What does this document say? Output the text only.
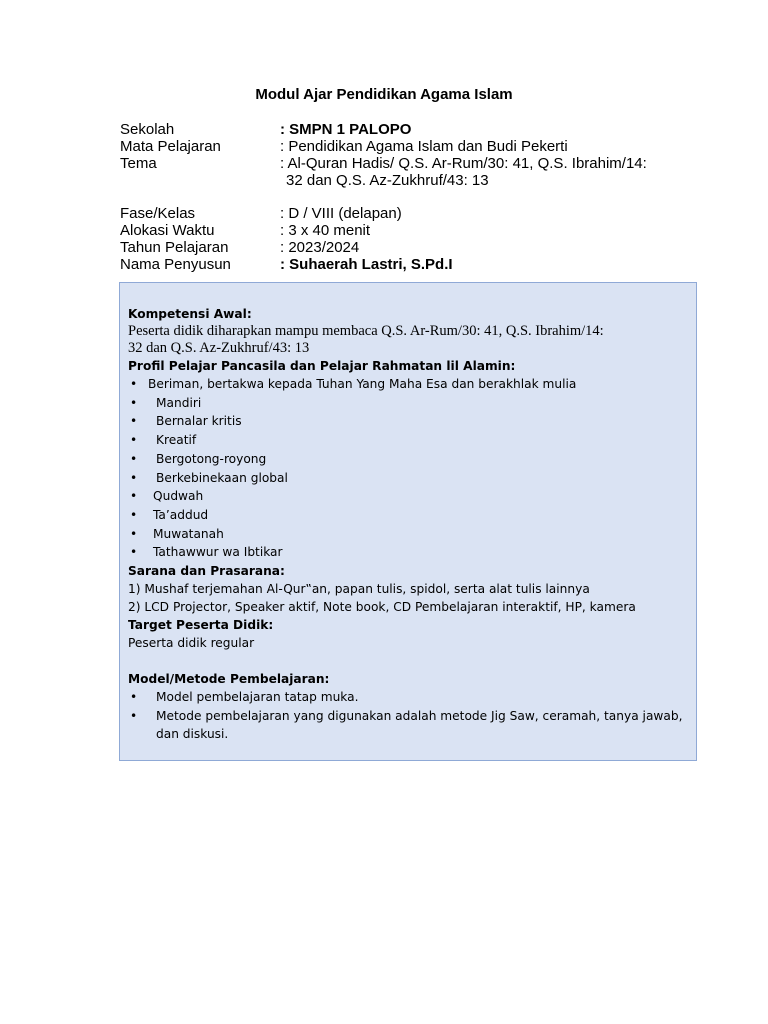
Modul Ajar Pendidikan Agama Islam
Sekolah	: SMPN 1 PALOPO
Mata Pelajaran	: Pendidikan Agama Islam dan Budi Pekerti
Tema	: Al-Quran Hadis/ Q.S. Ar-Rum/30: 41, Q.S. Ibrahim/14:
32 dan Q.S. Az-Zukhruf/43: 13
Fase/Kelas	: D / VIII (delapan)
Alokasi Waktu	: 3 x 40 menit
Tahun Pelajaran	: 2023/2024
Nama Penyusun	: Suhaerah Lastri, S.Pd.I
Kompetensi Awal:
Peserta didik diharapkan mampu membaca Q.S. Ar-Rum/30: 41, Q.S. Ibrahim/14:
32 dan Q.S. Az-Zukhruf/43: 13
Profil Pelajar Pancasila dan Pelajar Rahmatan lil Alamin:
• Beriman, bertakwa kepada Tuhan Yang Maha Esa dan berakhlak mulia
• Mandiri
• Bernalar kritis
• Kreatif
• Bergotong-royong
• Berkebinekaan global
• Qudwah
• Ta’addud
• Muwatanah
• Tathawwur wa Ibtikar
Sarana dan Prasarana:
1) Mushaf terjemahan Al-Qur‟an, papan tulis, spidol, serta alat tulis lainnya
2) LCD Projector, Speaker aktif, Note book, CD Pembelajaran interaktif, HP, kamera
Target Peserta Didik:
Peserta didik regular
Model/Metode Pembelajaran:
• Model pembelajaran tatap muka.
• Metode pembelajaran yang digunakan adalah metode Jig Saw, ceramah, tanya jawab, dan diskusi.
